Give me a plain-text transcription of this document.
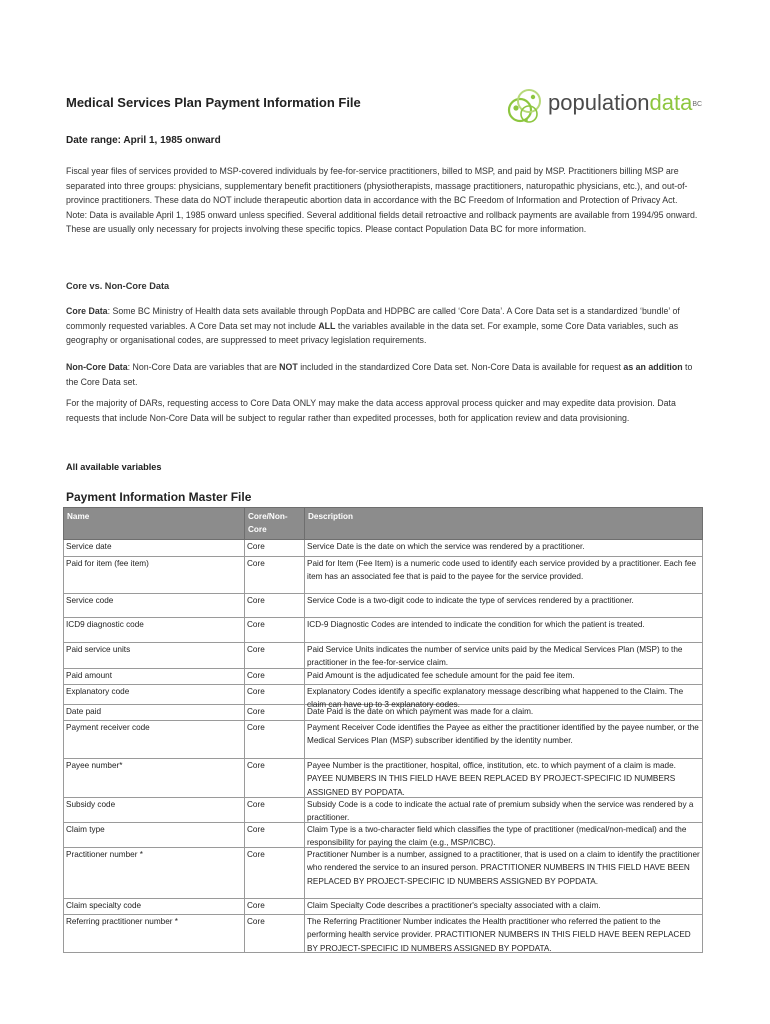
Medical Services Plan Payment Information File	populationdata$^{BC}$

Date range: April 1, 1985 onward

Fiscal year files of services provided to MSP-covered individuals by fee-for-service practitioners, billed to MSP, and paid by MSP. Practitioners billing MSP are separated into three groups: physicians, supplementary benefit practitioners (physiotherapists, massage practitioners, naturopathic physicians, etc.), and out-of-province practitioners. These data do NOT include therapeutic abortion data in accordance with the BC Freedom of Information and Protection of Privacy Act. Note: Data is available April 1, 1985 onward unless specified. Several additional fields detail retroactive and rollback payments are available from 1994/95 onward. These are usually only necessary for projects involving these specific topics. Please contact Population Data BC for more information.

Core vs. Non-Core Data

Core Data: Some BC Ministry of Health data sets available through PopData and HDPBC are called ‘Core Data’. A Core Data set is a standardized ‘bundle’ of commonly requested variables. A Core Data set may not include ALL the variables available in the data set. For example, some Core Data variables, such as geography or organisational codes, are suppressed to meet privacy legislation requirements.

Non-Core Data: Non-Core Data are variables that are NOT included in the standardized Core Data set. Non-Core Data is available for request as an addition to the Core Data set.

For the majority of DARs, requesting access to Core Data ONLY may make the data access approval process quicker and may expedite data provision. Data requests that include Non-Core Data will be subject to regular rather than expedited processes, both for application review and data provisioning.

All available variables
Payment Information Master File
Name	Core/Non-Core	Description

Service date	Core	Service Date is the date on which the service was rendered by a practitioner.

Paid for item (fee item)	Core	Paid for Item (Fee Item) is a numeric code used to identify each service provided by a practitioner. Each fee item has an associated fee that is paid to the payee for the service provided.

Service code	Core	Service Code is a two-digit code to indicate the type of services rendered by a practitioner.

ICD9 diagnostic code	Core	ICD-9 Diagnostic Codes are intended to indicate the condition for which the patient is treated.

Paid service units	Core	Paid Service Units indicates the number of service units paid by the Medical Services Plan (MSP) to the practitioner in the fee-for-service claim.

Paid amount	Core	Paid Amount is the adjudicated fee schedule amount for the paid fee item.

Explanatory code	Core	Explanatory Codes identify a specific explanatory message describing what happened to the Claim. The claim can have up to 3 explanatory codes.

Date paid	Core	Date Paid is the date on which payment was made for a claim.

Payment receiver code	Core	Payment Receiver Code identifies the Payee as either the practitioner identified by the payee number, or the Medical Services Plan (MSP) subscriber identified by the identity number.

Payee number*	Core	Payee Number is the practitioner, hospital, office, institution, etc. to which payment of a claim is made. PAYEE NUMBERS IN THIS FIELD HAVE BEEN REPLACED BY PROJECT-SPECIFIC ID NUMBERS ASSIGNED BY POPDATA.

Subsidy code	Core	Subsidy Code is a code to indicate the actual rate of premium subsidy when the service was rendered by a practitioner.

Claim type	Core	Claim Type is a two-character field which classifies the type of practitioner (medical/non-medical) and the responsibility for paying the claim (e.g., MSP/ICBC).

Practitioner number *	Core	Practitioner Number is a number, assigned to a practitioner, that is used on a claim to identify the practitioner who rendered the service to an insured person. PRACTITIONER NUMBERS IN THIS FIELD HAVE BEEN REPLACED BY PROJECT-SPECIFIC ID NUMBERS ASSIGNED BY POPDATA.

Claim specialty code	Core	Claim Specialty Code describes a practitioner's specialty associated with a claim.

Referring practitioner number *	Core	The Referring Practitioner Number indicates the Health practitioner who referred the patient to the performing health service provider. PRACTITIONER NUMBERS IN THIS FIELD HAVE BEEN REPLACED BY PROJECT-SPECIFIC ID NUMBERS ASSIGNED BY POPDATA.
